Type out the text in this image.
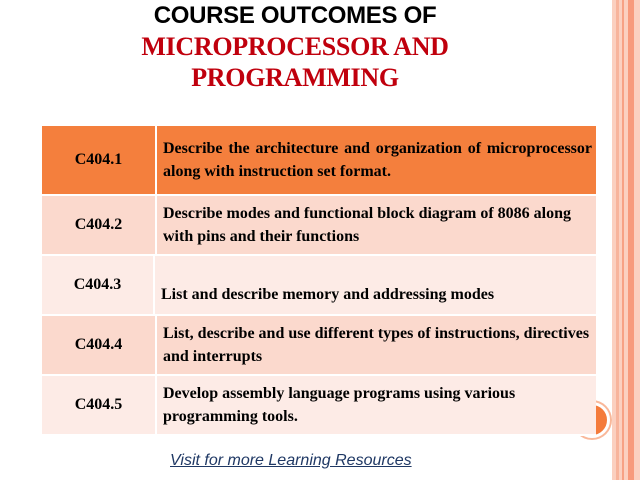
COURSE OUTCOMES OF
MICROPROCESSOR AND
PROGRAMMING
C404.1
Describe the architecture and organization of microprocessor along with instruction set format.
C404.2
Describe modes and functional block diagram of 8086 along with pins and their functions
C404.3
List and describe memory and addressing modes
C404.4
List, describe and use different types of instructions, directives and interrupts
C404.5
Develop assembly language programs using various programming tools.
Visit for more Learning Resources
